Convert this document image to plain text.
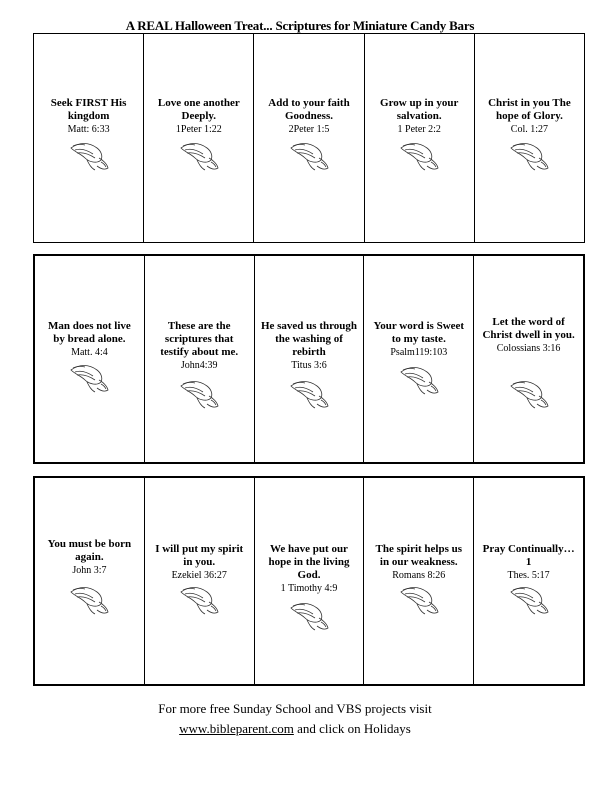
A REAL Halloween Treat... Scriptures for Miniature Candy Bars
Seek FIRST His kingdom
Matt: 6:33
Love one another Deeply.
1Peter 1:22
Add to your faith Goodness.
2Peter 1:5
Grow up in your salvation.
1 Peter 2:2
Christ in you The hope of Glory.
Col. 1:27
Man does not live by bread alone.
Matt. 4:4
These are the scriptures that testify about me.
John4:39
He saved us through the washing of rebirth
Titus 3:6
Your word is Sweet to my taste.
Psalm119:103
Let the word of Christ dwell in you.
Colossians 3:16
You must be born again.
John 3:7
I will put my spirit in you.
Ezekiel 36:27
We have put our hope in the living God.
1 Timothy 4:9
The spirit helps us in our weakness.
Romans 8:26
Pray Continually… 1
Thes. 5:17
For more free Sunday School and VBS projects visit
www.bibleparent.com and click on Holidays
